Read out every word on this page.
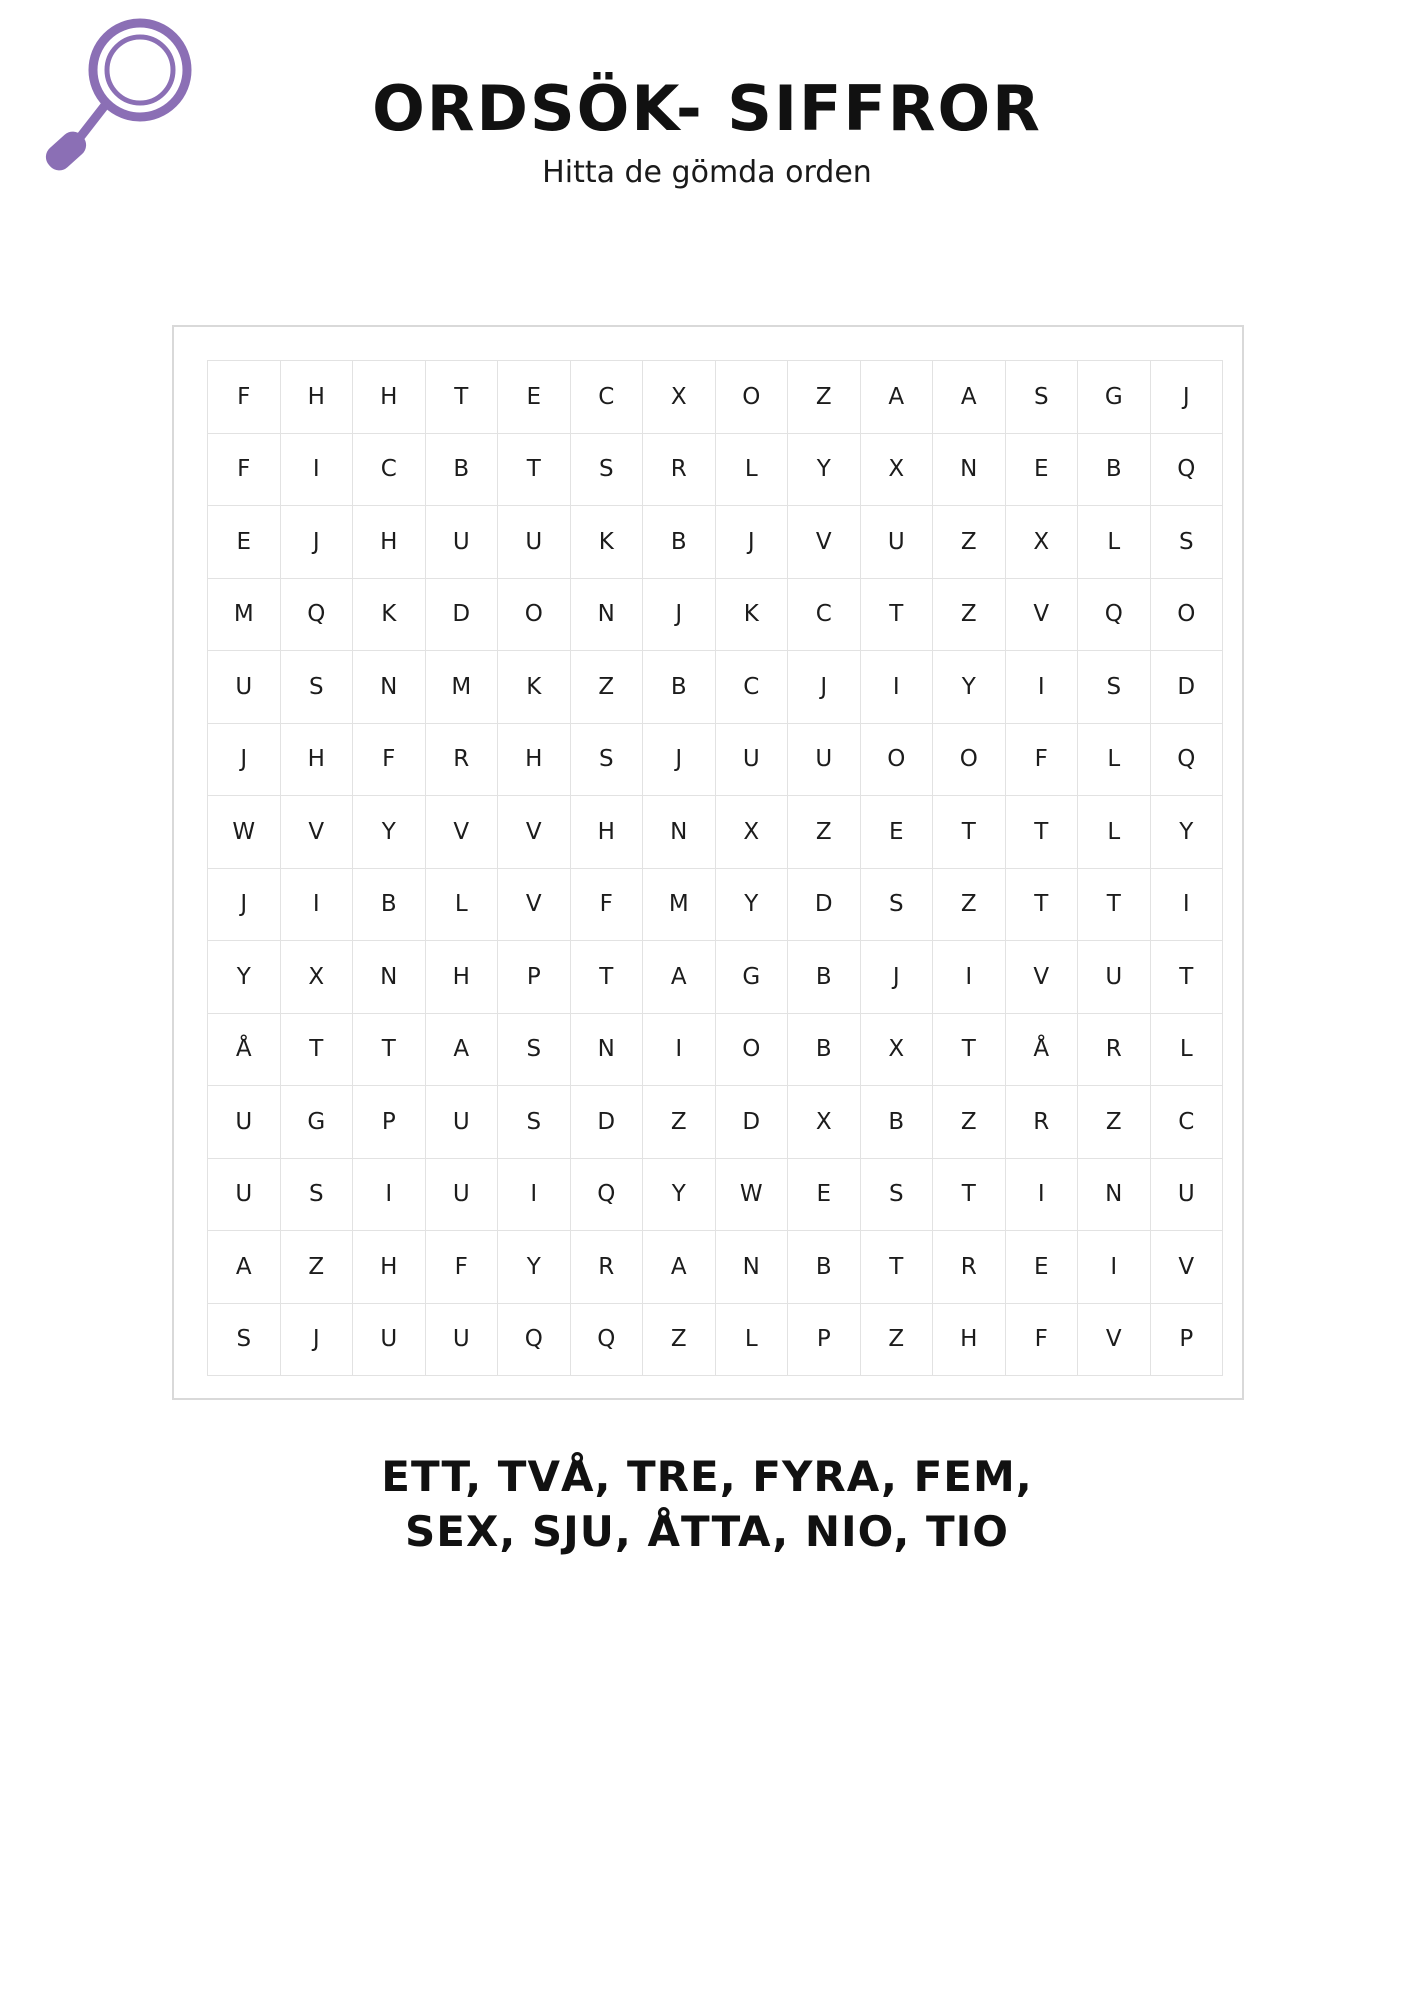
ORDSÖK- SIFFROR

Hitta de gömda orden

F	H	H	T	E	C	X	O	Z	A	A	S	G	J
F	I	C	B	T	S	R	L	Y	X	N	E	B	Q
E	J	H	U	U	K	B	J	V	U	Z	X	L	S
M	Q	K	D	O	N	J	K	C	T	Z	V	Q	O
U	S	N	M	K	Z	B	C	J	I	Y	I	S	D
J	H	F	R	H	S	J	U	U	O	O	F	L	Q
W	V	Y	V	V	H	N	X	Z	E	T	T	L	Y
J	I	B	L	V	F	M	Y	D	S	Z	T	T	I
Y	X	N	H	P	T	A	G	B	J	I	V	U	T
Å	T	T	A	S	N	I	O	B	X	T	Å	R	L
U	G	P	U	S	D	Z	D	X	B	Z	R	Z	C
U	S	I	U	I	Q	Y	W	E	S	T	I	N	U
A	Z	H	F	Y	R	A	N	B	T	R	E	I	V
S	J	U	U	Q	Q	Z	L	P	Z	H	F	V	P
ETT, TVÅ, TRE, FYRA, FEM,
SEX, SJU, ÅTTA, NIO, TIO
